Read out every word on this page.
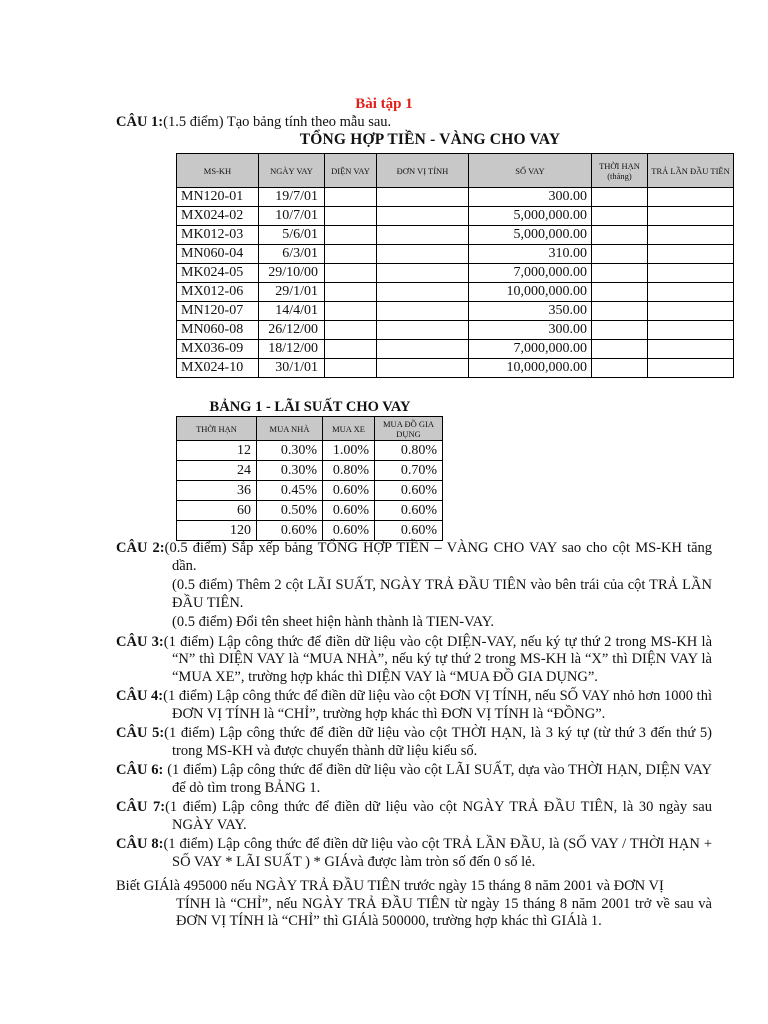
Bài tập 1
CÂU 1:(1.5 điểm) Tạo bảng tính theo mẫu sau.
TỔNG HỢP TIỀN - VÀNG CHO VAY
MS-KH	NGÀY VAY	DIỆN VAY	ĐƠN VỊ TÍNH	SỐ VAY	THỜI HẠN (tháng)	TRẢ LẦN ĐẦU TIÊN
MN120-01	19/7/01			300.00		
MX024-02	10/7/01			5,000,000.00		
MK012-03	5/6/01			5,000,000.00		
MN060-04	6/3/01			310.00		
MK024-05	29/10/00			7,000,000.00		
MX012-06	29/1/01			10,000,000.00		
MN120-07	14/4/01			350.00		
MN060-08	26/12/00			300.00		
MX036-09	18/12/00			7,000,000.00		
MX024-10	30/1/01			10,000,000.00		
BẢNG 1 - LÃI SUẤT CHO VAY
THỜI HẠN	MUA NHÀ	MUA XE	MUA ĐỒ GIA DỤNG
12	0.30%	1.00%	0.80%
24	0.30%	0.80%	0.70%
36	0.45%	0.60%	0.60%
60	0.50%	0.60%	0.60%
120	0.60%	0.60%	0.60%

CÂU 2:(0.5 điểm) Sắp xếp bảng TỔNG HỢP TIỀN – VÀNG CHO VAY sao cho cột MS-KH tăng dần.

(0.5 điểm) Thêm 2 cột LÃI SUẤT, NGÀY TRẢ ĐẦU TIÊN vào bên trái của cột TRẢ LẦN ĐẦU TIÊN.

(0.5 điểm) Đổi tên sheet hiện hành thành là TIEN-VAY.

CÂU 3:(1 điểm) Lập công thức để điền dữ liệu vào cột DIỆN-VAY, nếu ký tự thứ 2 trong MS-KH là “N” thì DIỆN VAY là “MUA NHÀ”, nếu ký tự thứ 2 trong MS-KH là “X” thì DIỆN VAY là “MUA XE”, trường hợp khác thì DIỆN VAY là “MUA ĐỒ GIA DỤNG”.

CÂU 4:(1 điểm) Lập công thức để điền dữ liệu vào cột ĐƠN VỊ TÍNH, nếu SỐ VAY nhỏ hơn 1000 thì ĐƠN VỊ TÍNH là “CHỈ”, trường hợp khác thì ĐƠN VỊ TÍNH là “ĐỒNG”.

CÂU 5:(1 điểm) Lập công thức để điền dữ liệu vào cột THỜI HẠN, là 3 ký tự (từ thứ 3 đến thứ 5) trong MS-KH và được chuyển thành dữ liệu kiểu số.

CÂU 6: (1 điểm) Lập công thức để điền dữ liệu vào cột LÃI SUẤT, dựa vào THỜI HẠN, DIỆN VAY để dò tìm trong BẢNG 1.

CÂU 7:(1 điểm) Lập công thức để điền dữ liệu vào cột NGÀY TRẢ ĐẦU TIÊN, là 30 ngày sau NGÀY VAY.

CÂU 8:(1 điểm) Lập công thức để điền dữ liệu vào cột TRẢ LẦN ĐẦU, là (SỐ VAY / THỜI HẠN + SỐ VAY * LÃI SUẤT ) * GIÁvà được làm tròn số đến 0 số lẻ.

Biết GIÁlà 495000 nếu NGÀY TRẢ ĐẦU TIÊN trước ngày 15 tháng 8 năm 2001 và ĐƠN VỊ
TÍNH là “CHỈ”, nếu NGÀY TRẢ ĐẦU TIÊN từ ngày 15 tháng 8 năm 2001 trở về sau và ĐƠN VỊ TÍNH là “CHỈ” thì GIÁlà 500000, trường hợp khác thì GIÁlà 1.
